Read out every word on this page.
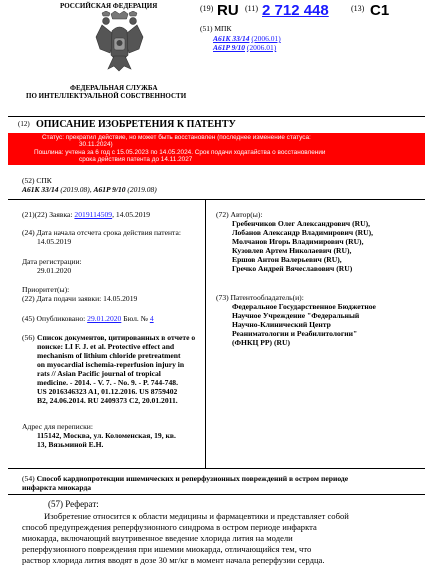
РОССИЙСКАЯ ФЕДЕРАЦИЯ
ФЕДЕРАЛЬНАЯ СЛУЖБА
ПО ИНТЕЛЛЕКТУАЛЬНОЙ СОБСТВЕННОСТИ
(19) RU (11) 2 712 448	(13) C1
(51) МПК
A61K 33/14 (2006.01)
A61P 9/10 (2006.01)
(12) ОПИСАНИЕ ИЗОБРЕТЕНИЯ К ПАТЕНТУ
Статус: прекратил действие, но может быть восстановлен (последнее изменение статуса:
30.11.2024)
Пошлина: учтена за 6 год с 15.05.2023 по 14.05.2024. Срок подачи ходатайства о восстановлении
срока действия патента до 14.11.2027
(52) СПК
A61K 33/14 (2019.08), A61P 9/10 (2019.08)
(21)(22) Заявка: 2019114509, 14.05.2019
(24) Дата начала отсчета срока действия патента:
14.05.2019
Дата регистрации:
29.01.2020
Приоритет(ы):
(22) Дата подачи заявки: 14.05.2019
(45) Опубликовано: 29.01.2020 Бюл. № 4
(56) Список документов, цитированных в отчете о
поиске: LI F. J. et al. Protective effect and
mechanism of lithium chloride pretreatment
on myocardial ischemia-reperfusion injury in
rats // Asian Pacific journal of tropical
medicine. - 2014. - V. 7. - No. 9. - P. 744-748.
US 2016346323 A1, 01.12.2016. US 8759402
B2, 24.06.2014. RU 2409373 C2, 20.01.2011.
Адрес для переписки:
115142, Москва, ул. Коломенская, 19, кв.
13, Вязьминой Е.Н.
(72) Автор(ы):
Гребенчиков Олег Александрович (RU),
Лобанов Александр Владимирович (RU),
Молчанов Игорь Владимирович (RU),
Кузовлев Артем Николаевич (RU),
Ершов Антон Валерьевич (RU),
Гречко Андрей Вячеславович (RU)
(73) Патентообладатель(и):
Федеральное Государственное Бюджетное
Научное Учреждение "Федеральный
Научно-Клинический Центр
Реаниматологии и Реабилитологии"
(ФНКЦ РР) (RU)
(54) Способ кардиопротекции ишемических и реперфузионных повреждений в остром периоде
инфаркта миокарда
(57) Реферат:
Изобретение относится к области медицины и фармацевтики и представляет собой
способ предупреждения реперфузионного синдрома в остром периоде инфаркта
миокарда, включающий внутривенное введение хлорида лития на модели
реперфузионного повреждения при ишемии миокарда, отличающийся тем, что
раствор хлорида лития вводят в дозе 30 мг/кг в момент начала реперфузии сердца.
